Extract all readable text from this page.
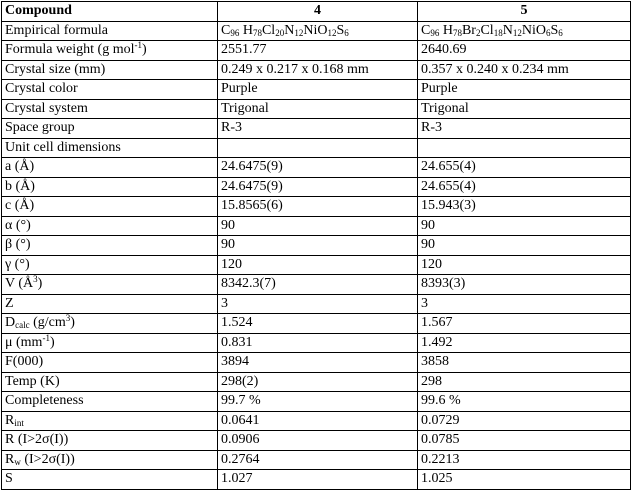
Compound	4	5
Empirical formula	$C_{96}$ $H_{78}Cl_{20}N_{12}NiO_{12}S_6$	$C_{96}$ $H_{78}Br_2Cl_{18}N_{12}NiO_6S_6$
Formula weight (g mol$^{-1}$)	2551.77	2640.69
Crystal size (mm)	0.249 x 0.217 x 0.168 mm	0.357 x 0.240 x 0.234 mm
Crystal color	Purple	Purple
Crystal system	Trigonal	Trigonal
Space group	R-3	R-3
Unit cell dimensions		
a (Å)	24.6475(9)	24.655(4)
b (Å)	24.6475(9)	24.655(4)
c (Å)	15.8565(6)	15.943(3)
α (°)	90	90
β (°)	90	90
γ (°)	120	120
V $(Å^3)$	8342.3(7)	8393(3)
Z	3	3
$D_{calc}$ $(g/cm^3)$	1.524	1.567
μ $(mm^{-1})$	0.831	1.492
F(000)	3894	3858
Temp (K)	298(2)	298
Completeness	99.7 %	99.6 %
$R_{int}$	0.0641	0.0729
R (I>2σ(I))	0.0906	0.0785
$R_w$ (I>2σ(I))	0.2764	0.2213
S	1.027	1.025
